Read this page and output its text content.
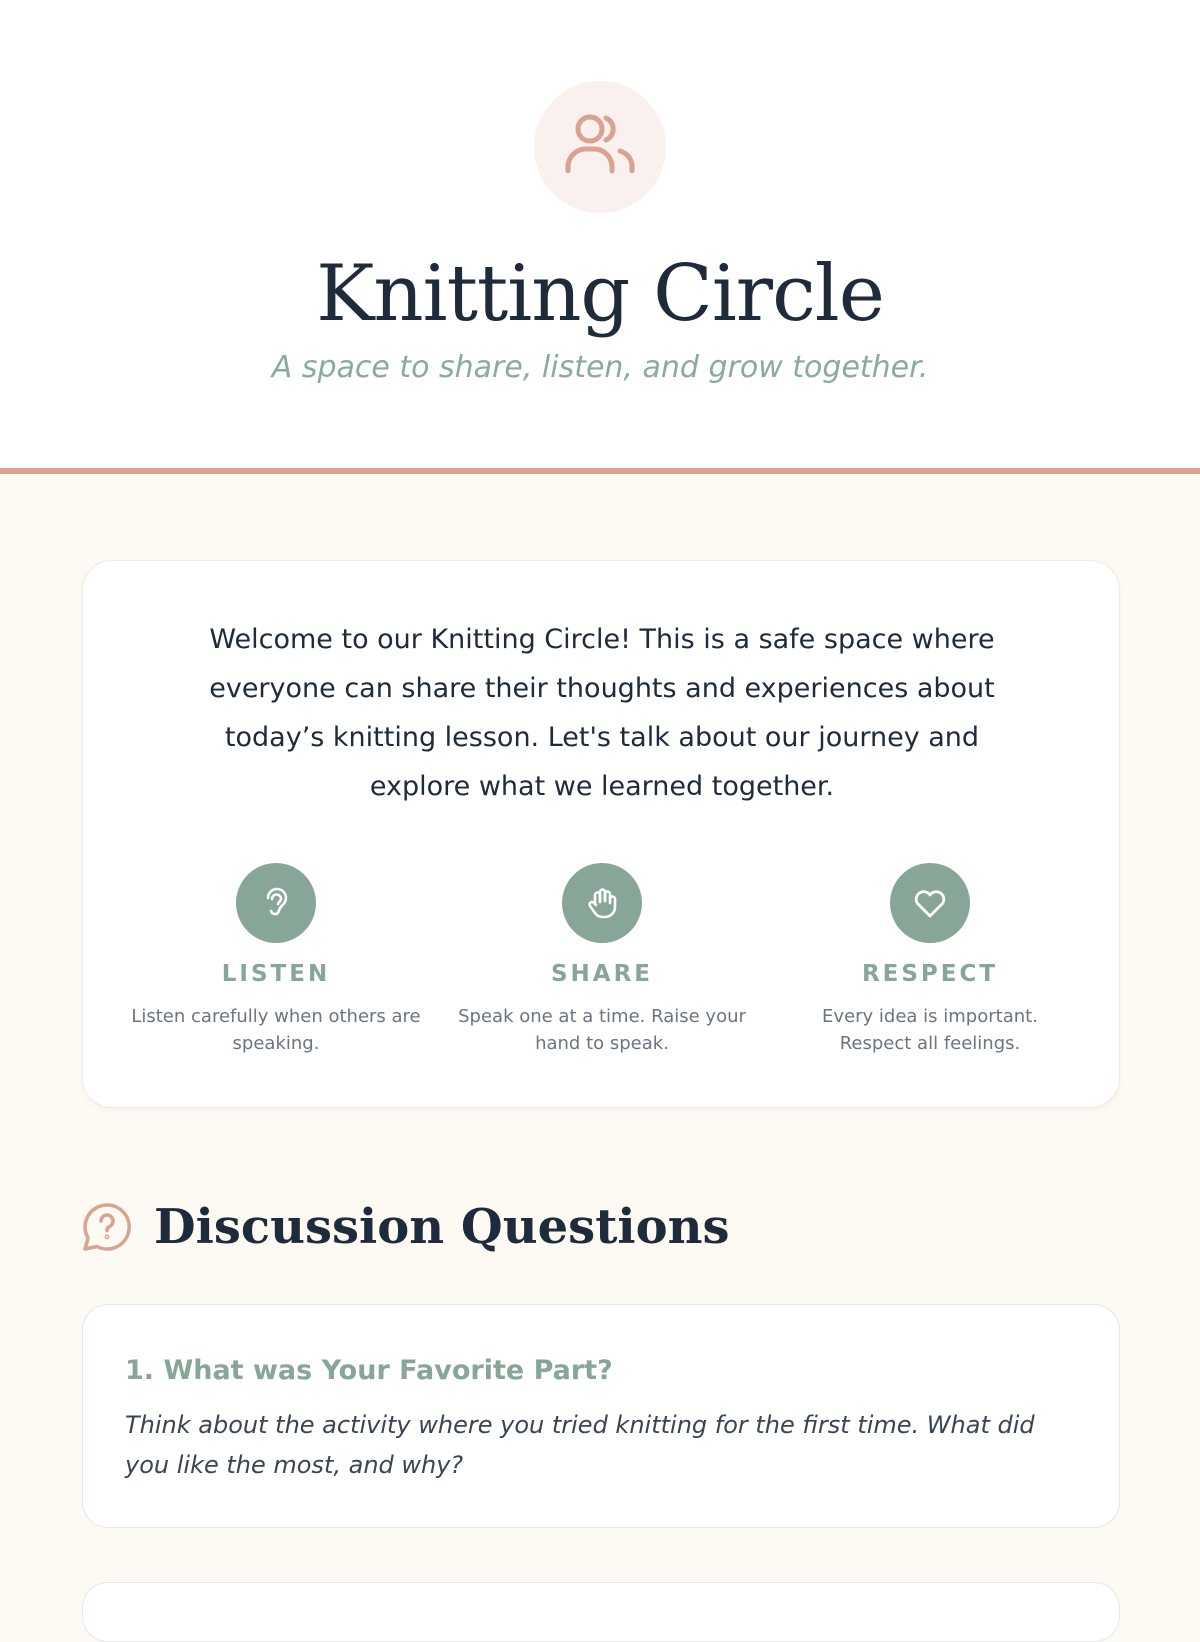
Knitting Circle

A space to share, listen, and grow together.

Welcome to our Knitting Circle! This is a safe space where everyone can share their thoughts and experiences about today’s knitting lesson. Let's talk about our journey and explore what we learned together.

LISTEN
Listen carefully when others are speaking.
SHARE
Speak one at a time. Raise your hand to speak.
RESPECT
Every idea is important. Respect all feelings.
Discussion Questions
1. What was Your Favorite Part?

Think about the activity where you tried knitting for the first time. What did you like the most, and why?
